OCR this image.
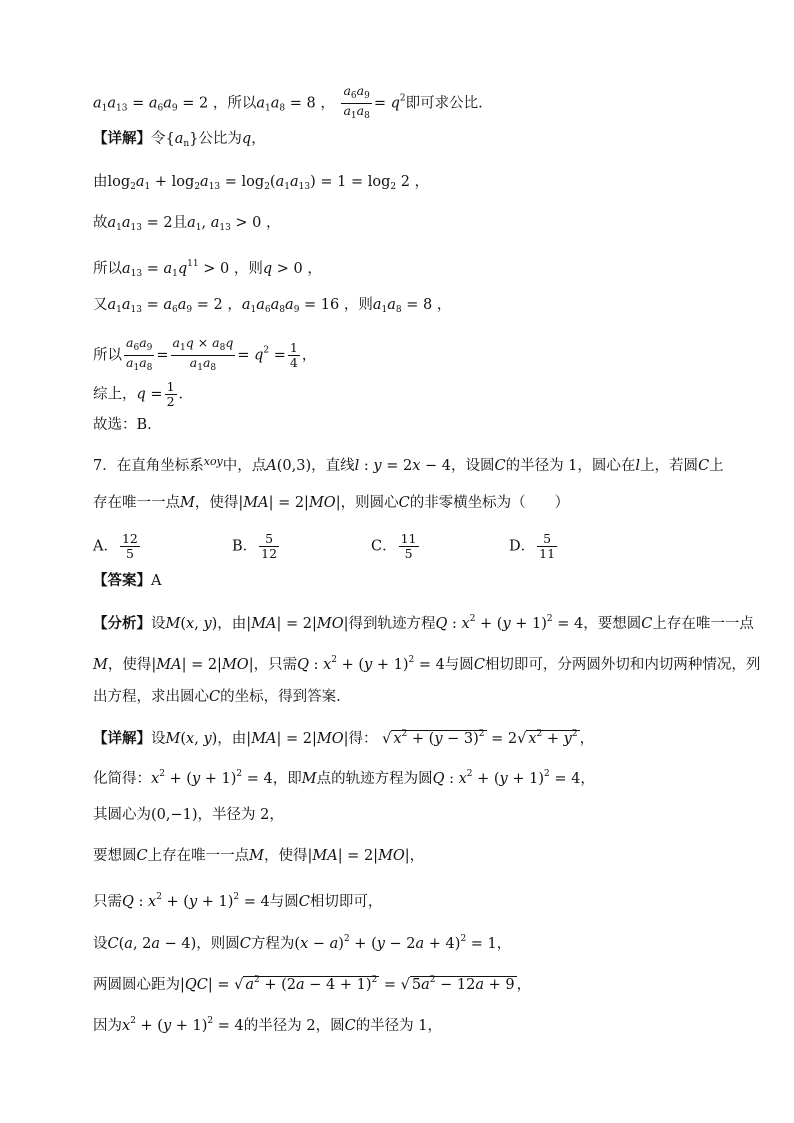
$a_1a_{13} = a_6a_9 = 2$ ，所以$a_1a_8 = 8$ ， $\frac{a_6a_9}{a_1a_8} = q^2$即可求公比.
【详解】令$\{a_n\}$公比为q，
由$\log_2a_1 + \log_2a_{13} = \log_2(a_1a_{13}) = 1 = \log_2 2$ ，
故$a_1a_{13} = 2$且$a_1$, $a_{13} > 0$ ，
所以$a_{13} = a_1q^{11} > 0$ ，则q > 0 ，
又$a_1a_{13} = a_6a_9 = 2$ ，$a_1a_6a_8a_9 = 16$ ，则$a_1a_8 = 8$ ，
所以 $\frac{a_6a_9}{a_1a_8} = \frac{a_1q \times a_8q}{a_1a_8} = q^2 = \frac{1}{4}$ ，
综上，$q = \frac{1}{2}$ .
故选：B.
7．在直角坐标系$^{xoy}$中，点A(0,3)，直线l : y = 2x − 4，设圆C的半径为 1，圆心在l上，若圆C上
存在唯一一点M，使得|MA| = 2|MO|，则圆心C的非零横坐标为（　　）
A． $\frac{12}{5}$	B． $\frac{5}{12}$	C． $\frac{11}{5}$	D． $\frac{5}{11}$
【答案】A
【分析】设M(x, y)，由|MA| = 2|MO|得到轨迹方程Q : $x^2 + (y + 1)^2 = 4$，要想圆C上存在唯一一点
M，使得|MA| = 2|MO|，只需Q : $x^2 + (y + 1)^2 = 4$与圆C相切即可，分两圆外切和内切两种情况，列
出方程，求出圆心C的坐标，得到答案.
【详解】设M(x, y)，由|MA| = 2|MO|得： √ $x^2 + (y - 3)^2 = 2√$ $x^2 + y^2$ ，
化简得：$x^2 + (y + 1)^2 = 4$，即M点的轨迹方程为圆Q : $x^2 + (y + 1)^2 = 4$，
其圆心为(0,−1)，半径为 2，
要想圆C上存在唯一一点M，使得|MA| = 2|MO|，
只需Q : $x^2 + (y + 1)^2 = 4$与圆C相切即可，
设C(a, 2a − 4)，则圆C方程为$(x - a)^2 + (y - 2a + 4)^2 = 1$，
两圆圆心距为|QC| = √ $a^2 + (2a - 4 + 1)^2$ = √ $5a^2 - 12a + 9$ ，
因为$x^2 + (y + 1)^2 = 4$的半径为 2，圆C的半径为 1，
